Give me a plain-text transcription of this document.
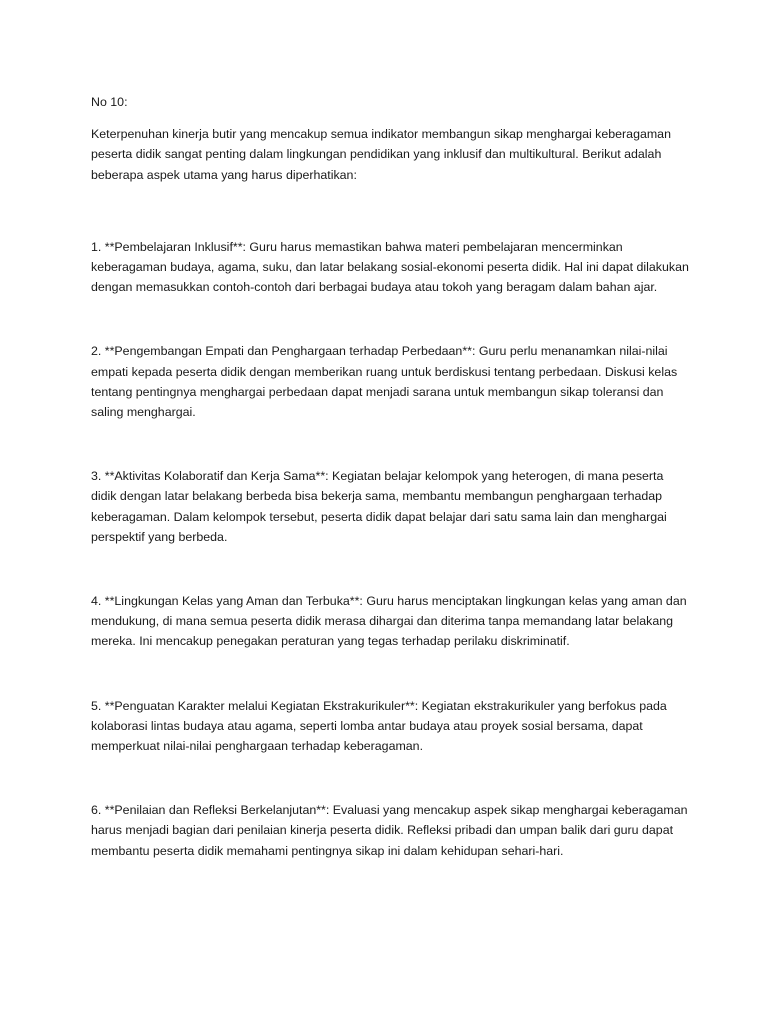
No 10:

Keterpenuhan kinerja butir yang mencakup semua indikator membangun sikap menghargai keberagaman peserta didik sangat penting dalam lingkungan pendidikan yang inklusif dan multikultural. Berikut adalah beberapa aspek utama yang harus diperhatikan:

1. **Pembelajaran Inklusif**: Guru harus memastikan bahwa materi pembelajaran mencerminkan keberagaman budaya, agama, suku, dan latar belakang sosial-ekonomi peserta didik. Hal ini dapat dilakukan dengan memasukkan contoh-contoh dari berbagai budaya atau tokoh yang beragam dalam bahan ajar.

2. **Pengembangan Empati dan Penghargaan terhadap Perbedaan**: Guru perlu menanamkan nilai-nilai empati kepada peserta didik dengan memberikan ruang untuk berdiskusi tentang perbedaan. Diskusi kelas tentang pentingnya menghargai perbedaan dapat menjadi sarana untuk membangun sikap toleransi dan saling menghargai.

3. **Aktivitas Kolaboratif dan Kerja Sama**: Kegiatan belajar kelompok yang heterogen, di mana peserta didik dengan latar belakang berbeda bisa bekerja sama, membantu membangun penghargaan terhadap keberagaman. Dalam kelompok tersebut, peserta didik dapat belajar dari satu sama lain dan menghargai perspektif yang berbeda.

4. **Lingkungan Kelas yang Aman dan Terbuka**: Guru harus menciptakan lingkungan kelas yang aman dan mendukung, di mana semua peserta didik merasa dihargai dan diterima tanpa memandang latar belakang mereka. Ini mencakup penegakan peraturan yang tegas terhadap perilaku diskriminatif.

5. **Penguatan Karakter melalui Kegiatan Ekstrakurikuler**: Kegiatan ekstrakurikuler yang berfokus pada kolaborasi lintas budaya atau agama, seperti lomba antar budaya atau proyek sosial bersama, dapat memperkuat nilai-nilai penghargaan terhadap keberagaman.

6. **Penilaian dan Refleksi Berkelanjutan**: Evaluasi yang mencakup aspek sikap menghargai keberagaman harus menjadi bagian dari penilaian kinerja peserta didik. Refleksi pribadi dan umpan balik dari guru dapat membantu peserta didik memahami pentingnya sikap ini dalam kehidupan sehari-hari.
